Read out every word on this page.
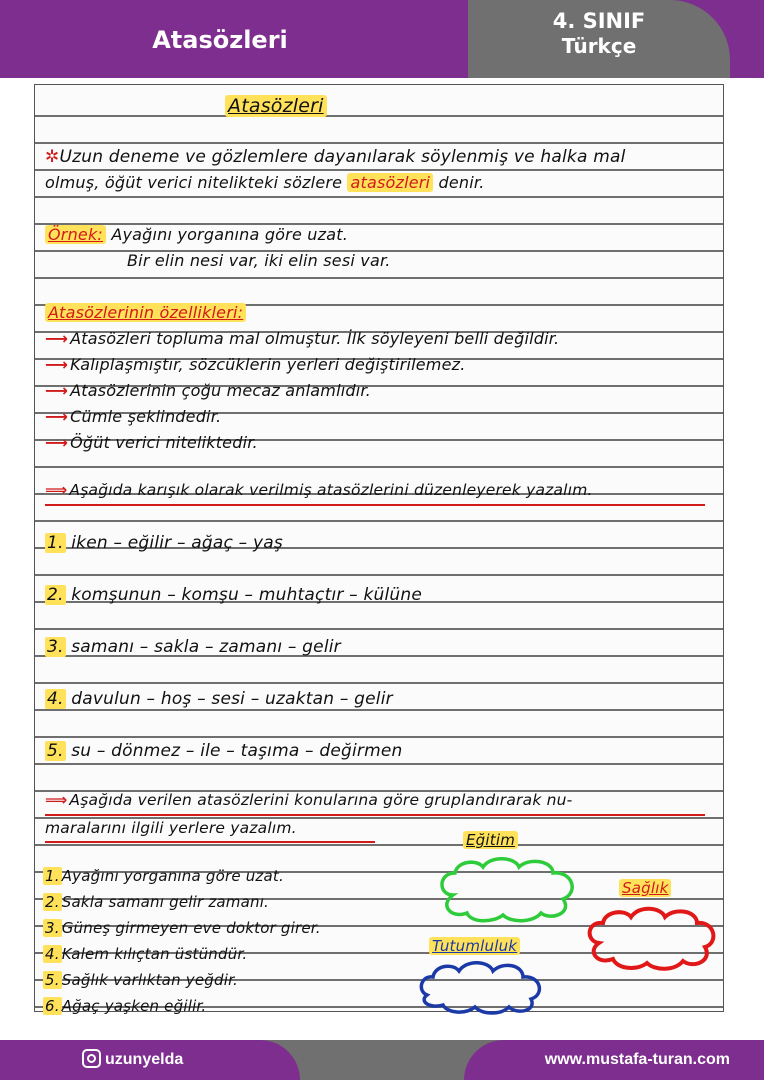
Atasözleri
4. SINIF
Türkçe
Atasözleri
✲Uzun deneme ve gözlemlere dayanılarak söylenmiş ve halka mal
olmuş, öğüt verici nitelikteki sözlere atasözleri denir.
Örnek: Ayağını yorganına göre uzat.
Bir elin nesi var, iki elin sesi var.
Atasözlerinin özellikleri:
⟶ Atasözleri topluma mal olmuştur. İlk söyleyeni belli değildir.
⟶ Kalıplaşmıştır, sözcüklerin yerleri değiştirilemez.
⟶ Atasözlerinin çoğu mecaz anlamlıdır.
⟶ Cümle şeklindedir.
⟶ Öğüt verici niteliktedir.
⟹ Aşağıda karışık olarak verilmiş atasözlerini düzenleyerek yazalım.
1. iken – eğilir – ağaç – yaş
2. komşunun – komşu – muhtaçtır – külüne
3. samanı – sakla – zamanı – gelir
4. davulun – hoş – sesi – uzaktan – gelir
5. su – dönmez – ile – taşıma – değirmen
⟹ Aşağıda verilen atasözlerini konularına göre gruplandırarak nu-
maralarını ilgili yerlere yazalım.
1. Ayağını yorganına göre uzat.
2. Sakla samanı gelir zamanı.
3. Güneş girmeyen eve doktor girer.
4. Kalem kılıçtan üstündür.
5. Sağlık varlıktan yeğdir.
6. Ağaç yaşken eğilir.
Eğitim
Sağlık
Tutumluluk
uzunyelda	www.mustafa-turan.com
